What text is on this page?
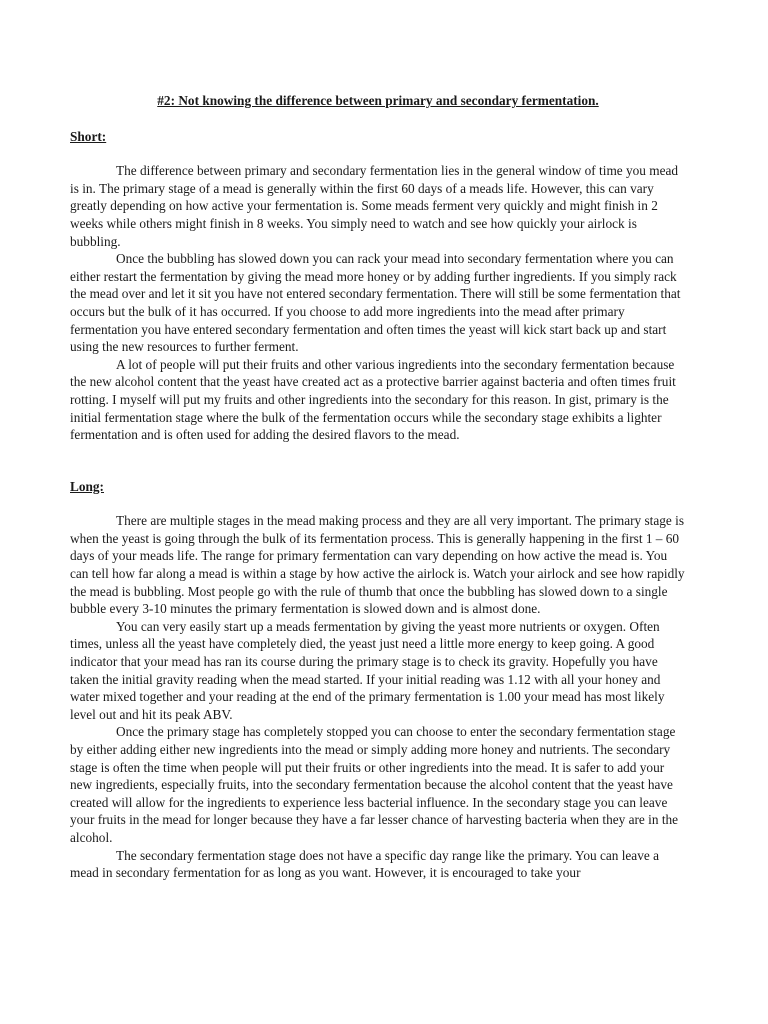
#2: Not knowing the difference between primary and secondary fermentation.

Short:

The difference between primary and secondary fermentation lies in the general window of time you mead is in. The primary stage of a mead is generally within the first 60 days of a meads life. However, this can vary greatly depending on how active your fermentation is. Some meads ferment very quickly and might finish in 2 weeks while others might finish in 8 weeks. You simply need to watch and see how quickly your airlock is bubbling.

Once the bubbling has slowed down you can rack your mead into secondary fermentation where you can either restart the fermentation by giving the mead more honey or by adding further ingredients. If you simply rack the mead over and let it sit you have not entered secondary fermentation. There will still be some fermentation that occurs but the bulk of it has occurred. If you choose to add more ingredients into the mead after primary fermentation you have entered secondary fermentation and often times the yeast will kick start back up and start using the new resources to further ferment.

A lot of people will put their fruits and other various ingredients into the secondary fermentation because the new alcohol content that the yeast have created act as a protective barrier against bacteria and often times fruit rotting. I myself will put my fruits and other ingredients into the secondary for this reason. In gist, primary is the initial fermentation stage where the bulk of the fermentation occurs while the secondary stage exhibits a lighter fermentation and is often used for adding the desired flavors to the mead.

Long:

There are multiple stages in the mead making process and they are all very important. The primary stage is when the yeast is going through the bulk of its fermentation process. This is generally happening in the first 1 – 60 days of your meads life. The range for primary fermentation can vary depending on how active the mead is. You can tell how far along a mead is within a stage by how active the airlock is. Watch your airlock and see how rapidly the mead is bubbling. Most people go with the rule of thumb that once the bubbling has slowed down to a single bubble every 3-10 minutes the primary fermentation is slowed down and is almost done.

You can very easily start up a meads fermentation by giving the yeast more nutrients or oxygen. Often times, unless all the yeast have completely died, the yeast just need a little more energy to keep going. A good indicator that your mead has ran its course during the primary stage is to check its gravity. Hopefully you have taken the initial gravity reading when the mead started. If your initial reading was 1.12 with all your honey and water mixed together and your reading at the end of the primary fermentation is 1.00 your mead has most likely level out and hit its peak ABV.

Once the primary stage has completely stopped you can choose to enter the secondary fermentation stage by either adding either new ingredients into the mead or simply adding more honey and nutrients. The secondary stage is often the time when people will put their fruits or other ingredients into the mead. It is safer to add your new ingredients, especially fruits, into the secondary fermentation because the alcohol content that the yeast have created will allow for the ingredients to experience less bacterial influence. In the secondary stage you can leave your fruits in the mead for longer because they have a far lesser chance of harvesting bacteria when they are in the alcohol.

The secondary fermentation stage does not have a specific day range like the primary. You can leave a mead in secondary fermentation for as long as you want. However, it is encouraged to take your
